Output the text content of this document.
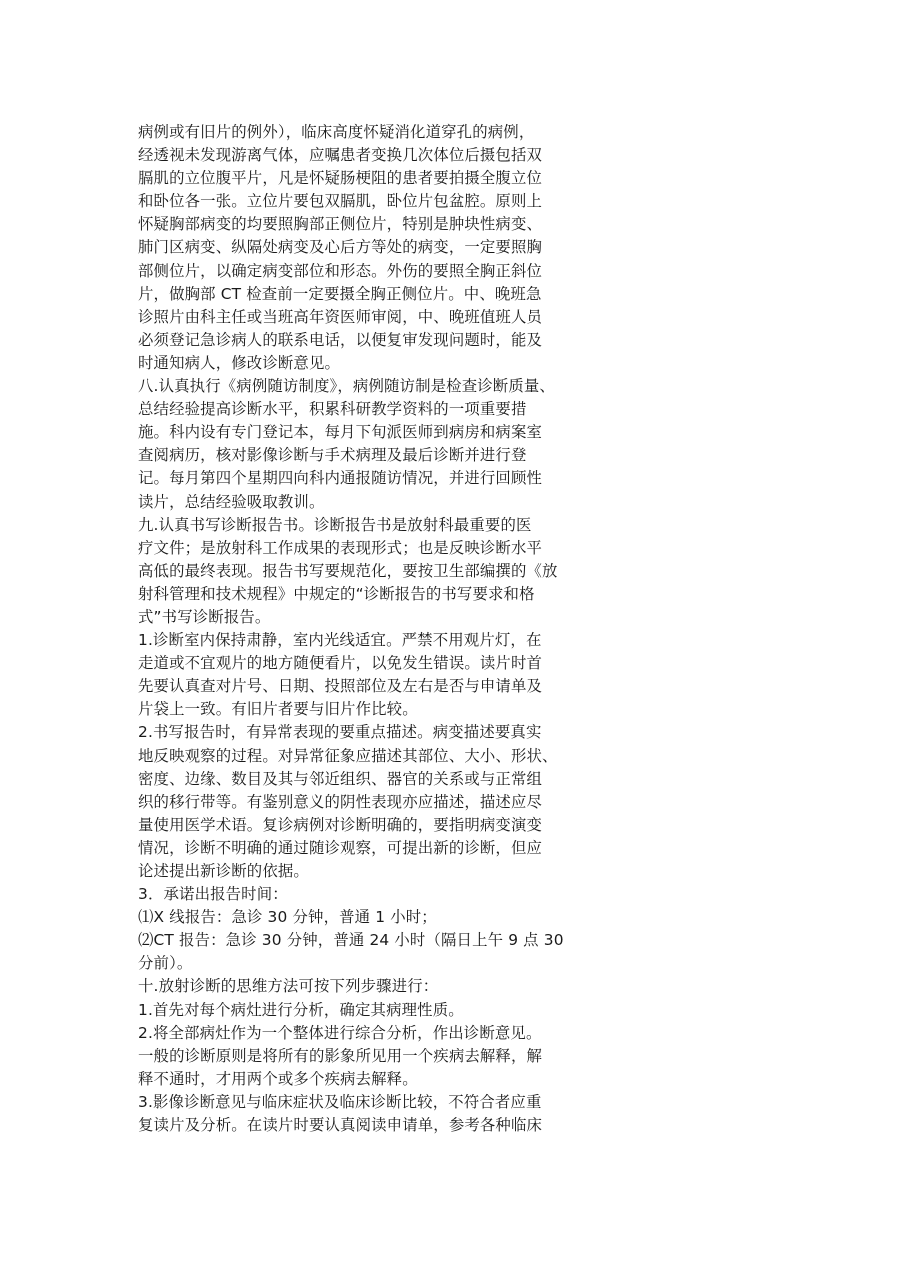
病例或有旧片的例外），临床高度怀疑消化道穿孔的病例，
经透视未发现游离气体，应嘱患者变换几次体位后摄包括双
膈肌的立位腹平片，凡是怀疑肠梗阻的患者要拍摄全腹立位
和卧位各一张。立位片要包双膈肌，卧位片包盆腔。原则上
怀疑胸部病变的均要照胸部正侧位片，特别是肿块性病变、
肺门区病变、纵隔处病变及心后方等处的病变，一定要照胸
部侧位片，以确定病变部位和形态。外伤的要照全胸正斜位
片，做胸部 CT 检查前一定要摄全胸正侧位片。中、晚班急
诊照片由科主任或当班高年资医师审阅，中、晚班值班人员
必须登记急诊病人的联系电话，以便复审发现问题时，能及
时通知病人，修改诊断意见。
八.认真执行《病例随访制度》，病例随访制是检查诊断质量、
总结经验提高诊断水平，积累科研教学资料的一项重要措
施。科内设有专门登记本，每月下旬派医师到病房和病案室
查阅病历，核对影像诊断与手术病理及最后诊断并进行登
记。每月第四个星期四向科内通报随访情况，并进行回顾性
读片，总结经验吸取教训。
九.认真书写诊断报告书。诊断报告书是放射科最重要的医
疗文件；是放射科工作成果的表现形式；也是反映诊断水平
高低的最终表现。报告书写要规范化，要按卫生部编撰的《放
射科管理和技术规程》中规定的“诊断报告的书写要求和格
式”书写诊断报告。
1.诊断室内保持肃静，室内光线适宜。严禁不用观片灯，在
走道或不宜观片的地方随便看片，以免发生错误。读片时首
先要认真查对片号、日期、投照部位及左右是否与申请单及
片袋上一致。有旧片者要与旧片作比较。
2.书写报告时，有异常表现的要重点描述。病变描述要真实
地反映观察的过程。对异常征象应描述其部位、大小、形状、
密度、边缘、数目及其与邻近组织、器官的关系或与正常组
织的移行带等。有鉴别意义的阴性表现亦应描述，描述应尽
量使用医学术语。复诊病例对诊断明确的，要指明病变演变
情况，诊断不明确的通过随诊观察，可提出新的诊断，但应
论述提出新诊断的依据。
3．承诺出报告时间：
⑴X 线报告：急诊 30 分钟，普通 1 小时；
⑵CT 报告：急诊 30 分钟，普通 24 小时（隔日上午 9 点 30
分前）。
十.放射诊断的思维方法可按下列步骤进行：
1.首先对每个病灶进行分析，确定其病理性质。
2.将全部病灶作为一个整体进行综合分析，作出诊断意见。
一般的诊断原则是将所有的影象所见用一个疾病去解释，解
释不通时，才用两个或多个疾病去解释。
3.影像诊断意见与临床症状及临床诊断比较，不符合者应重
复读片及分析。在读片时要认真阅读申请单，参考各种临床
